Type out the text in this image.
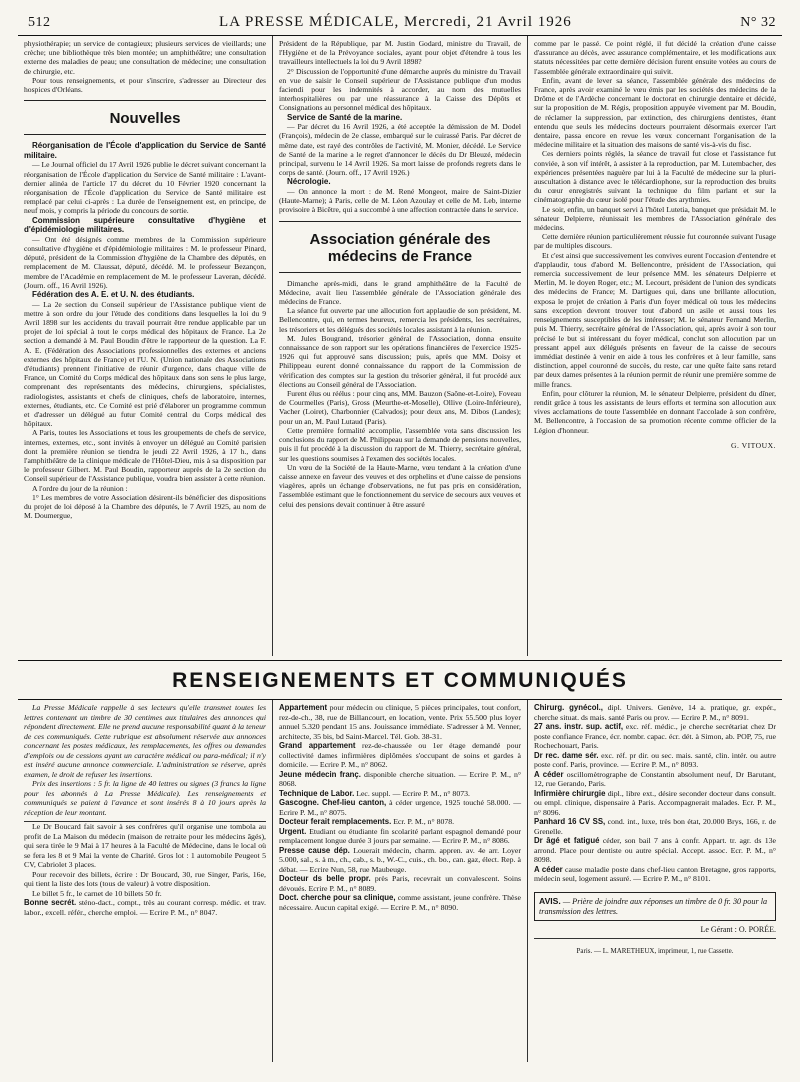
512	LA PRESSE MÉDICALE, Mercredi, 21 Avril 1926	N° 32

physiothérapie; un service de contagieux; plusieurs services de vieillards; une crèche; une bibliothèque très bien montée; un amphithéâtre; une consultation externe des maladies de peau; une consultation de médecine; une consultation de chirurgie, etc.

Pour tous renseignements, et pour s'inscrire, s'adresser au Directeur des hospices d'Orléans.

Nouvelles

Réorganisation de l'École d'application du Service de Santé militaire.

— Le Journal officiel du 17 Avril 1926 publie le décret suivant concernant la réorganisation de l'École d'application du Service de Santé militaire : L'avant-dernier alinéa de l'article 17 du décret du 10 Février 1920 concernant la réorganisation de l'École d'application du Service de Santé militaire est remplacé par celui ci-après : La durée de l'enseignement est, en principe, de neuf mois, y compris la période du concours de sortie.

Commission supérieure consultative d'hygiène et d'épidémiologie militaires.

— Ont été désignés comme membres de la Commission supérieure consultative d'hygiène et d'épidémiologie militaires : M. le professeur Pinard, député, président de la Commission d'hygiène de la Chambre des députés, en remplacement de M. Claussat, député, décédé. M. le professeur Bezançon, membre de l'Académie en remplacement de M. le professeur Laveran, décédé. (Journ. off., 16 Avril 1926).

Fédération des A. E. et U. N. des étudiants.

— La 2e section du Conseil supérieur de l'Assistance publique vient de mettre à son ordre du jour l'étude des conditions dans lesquelles la loi du 9 Avril 1898 sur les accidents du travail pourrait être rendue applicable par un projet de loi spécial à tout le corps médical des hôpitaux de France. La 2e section a demandé à M. Paul Boudin d'être le rapporteur de la question. La F. A. E. (Fédération des Associations professionnelles des externes et anciens externes des hôpitaux de France) et l'U. N. (Union nationale des Associations d'étudiants) prennent l'initiative de réunir d'urgence, dans chaque ville de France, un Comité du Corps médical des hôpitaux dans son sens le plus large, comprenant des représentants des médecins, chirurgiens, spécialistes, radiologistes, assistants et chefs de cliniques, chefs de laboratoire, internes, externes, étudiants, etc. Ce Comité est prié d'élaborer un programme commun et d'adresser un délégué au futur Comité central du Corps médical des hôpitaux.

A Paris, toutes les Associations et tous les groupements de chefs de service, internes, externes, etc., sont invités à envoyer un délégué au Comité parisien dont la première réunion se tiendra le jeudi 22 Avril 1926, à 17 h., dans l'amphithéâtre de la clinique médicale de l'Hôtel-Dieu, mis à sa disposition par le professeur Gilbert. M. Paul Boudin, rapporteur auprès de la 2e section du Conseil supérieur de l'Assistance publique, voudra bien assister à cette réunion.

A l'ordre du jour de la réunion :

1° Les membres de votre Association désirent-ils bénéficier des dispositions du projet de loi déposé à la Chambre des députés, le 7 Avril 1925, au nom de M. Doumergue,

Président de la République, par M. Justin Godard, ministre du Travail, de l'Hygiène et de la Prévoyance sociales, ayant pour objet d'étendre à tous les travailleurs intellectuels la loi du 9 Avril 1898?

2° Discussion de l'opportunité d'une démarche auprès du ministre du Travail en vue de saisir le Conseil supérieur de l'Assistance publique d'un modus faciendi pour les indemnités à accorder, au nom des mutuelles interhospitalières ou par une réassurance à la Caisse des Dépôts et Consignations au personnel médical des hôpitaux.

Service de Santé de la marine.

— Par décret du 16 Avril 1926, a été acceptée la démission de M. Dodel (François), médecin de 2e classe, embarqué sur le cuirassé Paris. Par décret de même date, est rayé des contrôles de l'activité, M. Monier, décédé. Le Service de Santé de la marine a le regret d'annoncer le décès du Dr Bleuzé, médecin principal, survenu le 14 Avril 1926. Sa mort laisse de profonds regrets dans le corps de santé. (Journ. off., 17 Avril 1926.)

Nécrologie.

— On annonce la mort : de M. René Mongeot, maire de Saint-Dizier (Haute-Marne); à Paris, celle de M. Léon Azoulay et celle de M. Leb, interne provisoire à Bicêtre, qui a succombé à une affection contractée dans le service.

Association générale des médecins de France

Dimanche après-midi, dans le grand amphithéâtre de la Faculté de Médecine, avait lieu l'assemblée générale de l'Association générale des médecins de France.

La séance fut ouverte par une allocution fort applaudie de son président, M. Bellencontre, qui, en termes heureux, remercia les présidents, les secrétaires, les trésoriers et les délégués des sociétés locales assistant à la réunion.

M. Jules Bougrand, trésorier général de l'Association, donna ensuite connaissance de son rapport sur les opérations financières de l'exercice 1925-1926 qui fut approuvé sans discussion; puis, après que MM. Doisy et Philippeau eurent donné connaissance du rapport de la Commission de vérification des comptes sur la gestion du trésorier général, il fut procédé aux élections au Conseil général de l'Association.

Furent élus ou réélus : pour cinq ans, MM. Bauzon (Saône-et-Loire), Foveau de Courmelles (Paris), Gross (Meurthe-et-Moselle), Ollive (Loire-Inférieure), Vacher (Loiret), Charbonnier (Calvados); pour deux ans, M. Dibos (Landes); pour un an, M. Paul Lutaud (Paris).

Cette première formalité accomplie, l'assemblée vota sans discussion les conclusions du rapport de M. Philippeau sur la demande de pensions nouvelles, puis il fut procédé à la discussion du rapport de M. Thierry, secrétaire général, sur les questions soumises à l'examen des sociétés locales.

Un vœu de la Société de la Haute-Marne, vœu tendant à la création d'une caisse annexe en faveur des veuves et des orphelins et d'une caisse de pensions viagères, après un échange d'observations, ne fut pas pris en considération, l'assemblée estimant que le fonctionnement du service de secours aux veuves et celui des pensions devait continuer à être assuré

comme par le passé. Ce point réglé, il fut décidé la création d'une caisse d'assurance au décès, avec assurance complémentaire, et les modifications aux statuts nécessitées par cette dernière décision furent ensuite votées au cours de l'assemblée générale extraordinaire qui suivit.

Enfin, avant de lever sa séance, l'assemblée générale des médecins de France, après avoir examiné le vœu émis par les sociétés des médecins de la Drôme et de l'Ardèche concernant le doctorat en chirurgie dentaire et décidé, sur la proposition de M. Régis, proposition appuyée vivement par M. Boudin, de réclamer la suppression, par extinction, des chirurgiens dentistes, étant entendu que seuls les médecins docteurs pourraient désormais exercer l'art dentaire, passa encore en revue les vœux concernant l'organisation de la médecine militaire et la situation des maisons de santé vis-à-vis du fisc.

Ces derniers points réglés, la séance de travail fut close et l'assistance fut conviée, à son vif intérêt, à assister à la reproduction, par M. Lutembacher, des expériences présentées naguère par lui à la Faculté de médecine sur la pluri-auscultation à distance avec le télécardiophone, sur la reproduction des bruits du cœur enregistrés suivant la technique du film parlant et sur la cinématographie du cœur isolé pour l'étude des arythmies.

Le soir, enfin, un banquet servi à l'hôtel Lutetia, banquet que présidait M. le sénateur Delpierre, réunissait les membres de l'Association générale des médecins.

Cette dernière réunion particulièrement réussie fut couronnée suivant l'usage par de multiples discours.

Et c'est ainsi que successivement les convives eurent l'occasion d'entendre et d'applaudir, tous d'abord M. Bellencontre, président de l'Association, qui remercia successivement de leur présence MM. les sénateurs Delpierre et Merlin, M. le doyen Roger, etc.; M. Lecourt, président de l'union des syndicats des médecins de France; M. Dartigues qui, dans une brillante allocution, exposa le projet de création à Paris d'un foyer médical où tous les médecins sans exception devront trouver tout d'abord un asile et aussi tous les renseignements susceptibles de les intéresser; M. le sénateur Fernand Merlin, puis M. Thierry, secrétaire général de l'Association, qui, après avoir à son tour précisé le but si intéressant du foyer médical, conclut son allocution par un pressant appel aux délégués présents en faveur de la caisse de secours immédiat destinée à venir en aide à tous les confrères et à leur famille, sans distinction, appel couronné de succès, du reste, car une quête faite sans retard par deux dames présentes à la réunion permit de réunir une première somme de mille francs.

Enfin, pour clôturer la réunion, M. le sénateur Delpierre, président du dîner, rendit grâce à tous les assistants de leurs efforts et termina son allocution aux vives acclamations de toute l'assemblée en donnant l'accolade à son confrère, M. Bellencontre, à l'occasion de sa promotion récente comme officier de la Légion d'honneur.

G. VITOUX.
RENSEIGNEMENTS ET COMMUNIQUÉS

La Presse Médicale rappelle à ses lecteurs qu'elle transmet toutes les lettres contenant un timbre de 30 centimes aux titulaires des annonces qui répondent directement. Elle ne prend aucune responsabilité quant à la teneur de ces communiqués. Cette rubrique est absolument réservée aux annonces concernant les postes médicaux, les remplacements, les offres ou demandes d'emplois ou de cessions ayant un caractère médical ou para-médical; il n'y est inséré aucune annonce commerciale. L'administration se réserve, après examen, le droit de refuser les insertions.

Prix des insertions : 5 fr. la ligne de 40 lettres ou signes (3 francs la ligne pour les abonnés à La Presse Médicale). Les renseignements et communiqués se paient à l'avance et sont insérés 8 à 10 jours après la réception de leur montant.

Le Dr Boucard fait savoir à ses confrères qu'il organise une tombola au profit de La Maison du médecin (maison de retraite pour les médecins âgés), qui sera tirée le 9 Mai à 17 heures à la Faculté de Médecine, dans le local où se fera les 8 et 9 Mai la vente de Charité. Gros lot : 1 automobile Peugeot 5 CV, Cabriolet 3 places.

Pour recevoir des billets, écrire : Dr Boucard, 30, rue Singer, Paris, 16e, qui tient la liste des lots (tous de valeur) à votre disposition.

Le billet 5 fr., le carnet de 10 billets 50 fr.

Bonne secrét. sténo-dact., compt., très au courant corresp. médic. et trav. labor., excell. référ., cherche emploi. — Ecrire P. M., n° 8047.

Appartement pour médecin ou clinique, 5 pièces principales, tout confort, rez-de-ch., 38, rue de Billancourt, en location, vente. Prix 55.500 plus loyer annuel 5.320 pendant 15 ans. Jouissance immédiate. S'adresser à M. Venner, architecte, 35 bis, bd Saint-Marcel. Tél. Gob. 38-31.

Grand appartement rez-de-chaussée ou 1er étage demandé pour collectivité dames infirmières diplômées s'occupant de soins et gardes à domicile. — Ecrire P. M., n° 8062.

Jeune médecin franç. disponible cherche situation. — Ecrire P. M., n° 8068.

Technique de Labor. Lec. suppl. — Ecrire P. M., n° 8073.

Gascogne. Chef-lieu canton, à céder urgence, 1925 touché 58.000. — Ecrire P. M., n° 8075.

Docteur ferait remplacements. Ecr. P. M., n° 8078.

Urgent. Etudiant ou étudiante fin scolarité parlant espagnol demandé pour remplacement longue durée 3 jours par semaine. — Ecrire P. M., n° 8086.

Presse cause dép. Louerait médecin, charm. appren. av. 4e arr. Loyer 5.000, sal., s. à m., ch., cab., s. b., W.-C., cuis., ch. bo., can. gaz, élect. Rep. à débat. — Ecrire Nun, 58, rue Maubeuge.

Docteur ds belle propr. près Paris, recevrait un convalescent. Soins dévoués. Ecrire P. M., n° 8089.

Doct. cherche pour sa clinique, comme assistant, jeune confrère. Thèse nécessaire. Aucun capital exigé. — Ecrire P. M., n° 8090.

Chirurg. gynécol., dipl. Univers. Genève, 14 a. pratique, gr. expér., cherche situat. ds mais. santé Paris ou prov. — Ecrire P. M., n° 8091.

27 ans. instr. sup. actif, exc. réf. médic., je cherche secrétariat chez Dr poste confiance France, écr. nombr. capac. écr. dét. à Simon, ab. POP, 75, rue Rochechouart, Paris.

Dr rec. dame sér. exc. réf. pr dir. ou sec. mais. santé, clin. intér. ou autre poste conf. Paris, province. — Ecrire P. M., n° 8093.

A céder oscillomètrographe de Constantin absolument neuf, Dr Barutant, 12, rue Gerando, Paris.

Infirmière chirurgie dipl., libre ext., désire seconder docteur dans consult. ou empl. clinique, dispensaire à Paris. Accompagnerait malades. Ecr. P. M., n° 8096.

Panhard 16 CV SS, cond. int., luxe, très bon état, 20.000 Brys, 166, r. de Grenelle.

Dr âgé et fatigué céder, son bail 7 ans à confr. Appart. tr. agr. ds 13e arrond. Place pour dentiste ou autre spécial. Accept. assoc. Ecr. P. M., n° 8098.

A céder cause maladie poste dans chef-lieu canton Bretagne, gros rapports, médecin seul, logement assuré. — Ecrire P. M., n° 8101.

AVIS. — Prière de joindre aux réponses un timbre de 0 fr. 30 pour la transmission des lettres.
Le Gérant : O. PORÉE.
Paris. — L. MARETHEUX, imprimeur, 1, rue Cassette.
